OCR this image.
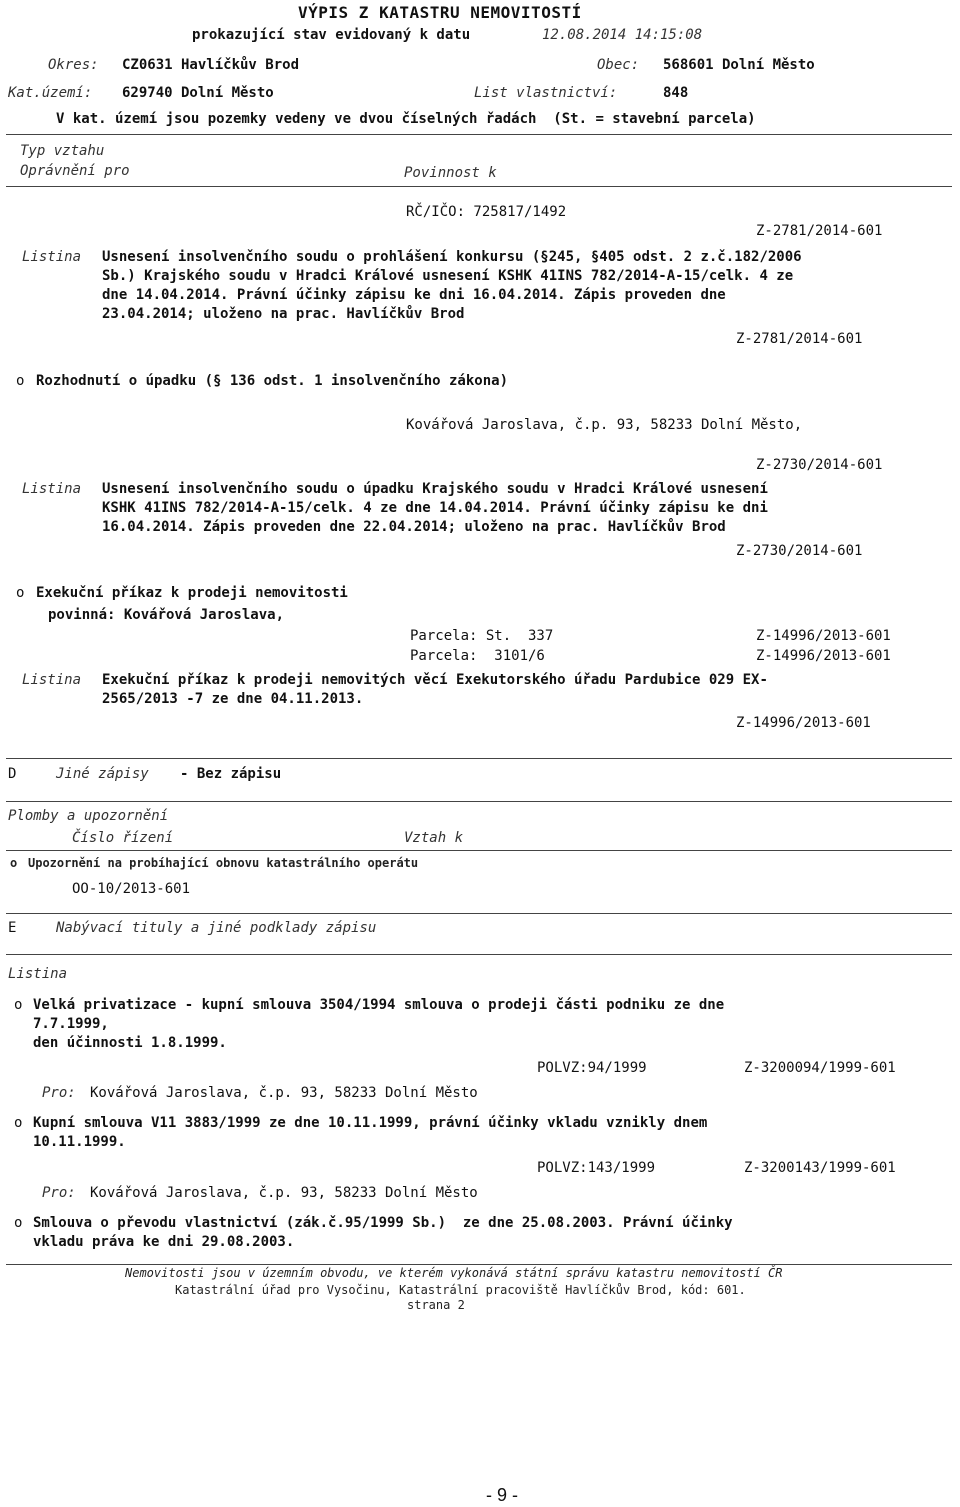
VÝPIS Z KATASTRU NEMOVITOSTÍ
prokazující stav evidovaný k datu	12.08.2014 14:15:08
Okres: CZ0631 Havlíčkův Brod	Obec: 568601 Dolní Město
Kat.území: 629740 Dolní Město	List vlastnictví:	848
V kat. území jsou pozemky vedeny ve dvou číselných řadách  (St. = stavební parcela)
Typ vztahu
Oprávnění pro	Povinnost k
RČ/IČO: 725817/1492
Z-2781/2014-601
Listina Usnesení insolvenčního soudu o prohlášení konkursu (§245, §405 odst. 2 z.č.182/2006
Sb.) Krajského soudu v Hradci Králové usnesení KSHK 41INS 782/2014-A-15/celk. 4 ze
dne 14.04.2014. Právní účinky zápisu ke dni 16.04.2014. Zápis proveden dne
23.04.2014; uloženo na prac. Havlíčkův Brod
Z-2781/2014-601
o Rozhodnutí o úpadku (§ 136 odst. 1 insolvenčního zákona)
Kovářová Jaroslava, č.p. 93, 58233 Dolní Město,
Z-2730/2014-601
Listina Usnesení insolvenčního soudu o úpadku Krajského soudu v Hradci Králové usnesení
KSHK 41INS 782/2014-A-15/celk. 4 ze dne 14.04.2014. Právní účinky zápisu ke dni
16.04.2014. Zápis proveden dne 22.04.2014; uloženo na prac. Havlíčkův Brod
Z-2730/2014-601
o Exekuční příkaz k prodeji nemovitosti
povinná: Kovářová Jaroslava,
Parcela: St.  337	Z-14996/2013-601
Parcela:  3101/6	Z-14996/2013-601
Listina Exekuční příkaz k prodeji nemovitých věcí Exekutorského úřadu Pardubice 029 EX-
2565/2013 -7 ze dne 04.11.2013.
Z-14996/2013-601
D	Jiné zápisy - Bez zápisu
Plomby a upozornění
Číslo řízení	Vztah k
o Upozornění na probíhající obnovu katastrálního operátu
OO-10/2013-601
E	Nabývací tituly a jiné podklady zápisu
Listina
o Velká privatizace - kupní smlouva 3504/1994 smlouva o prodeji části podniku ze dne
7.7.1999,
den účinnosti 1.8.1999.
POLVZ:94/1999	Z-3200094/1999-601
Pro: Kovářová Jaroslava, č.p. 93, 58233 Dolní Město
o Kupní smlouva V11 3883/1999 ze dne 10.11.1999, právní účinky vkladu vznikly dnem
10.11.1999.
POLVZ:143/1999	Z-3200143/1999-601
Pro: Kovářová Jaroslava, č.p. 93, 58233 Dolní Město
o Smlouva o převodu vlastnictví (zák.č.95/1999 Sb.)  ze dne 25.08.2003. Právní účinky
vkladu práva ke dni 29.08.2003.
Nemovitosti jsou v územním obvodu, ve kterém vykonává státní správu katastru nemovitostí ČR
Katastrální úřad pro Vysočinu, Katastrální pracoviště Havlíčkův Brod, kód: 601.
strana 2
- 9 -
